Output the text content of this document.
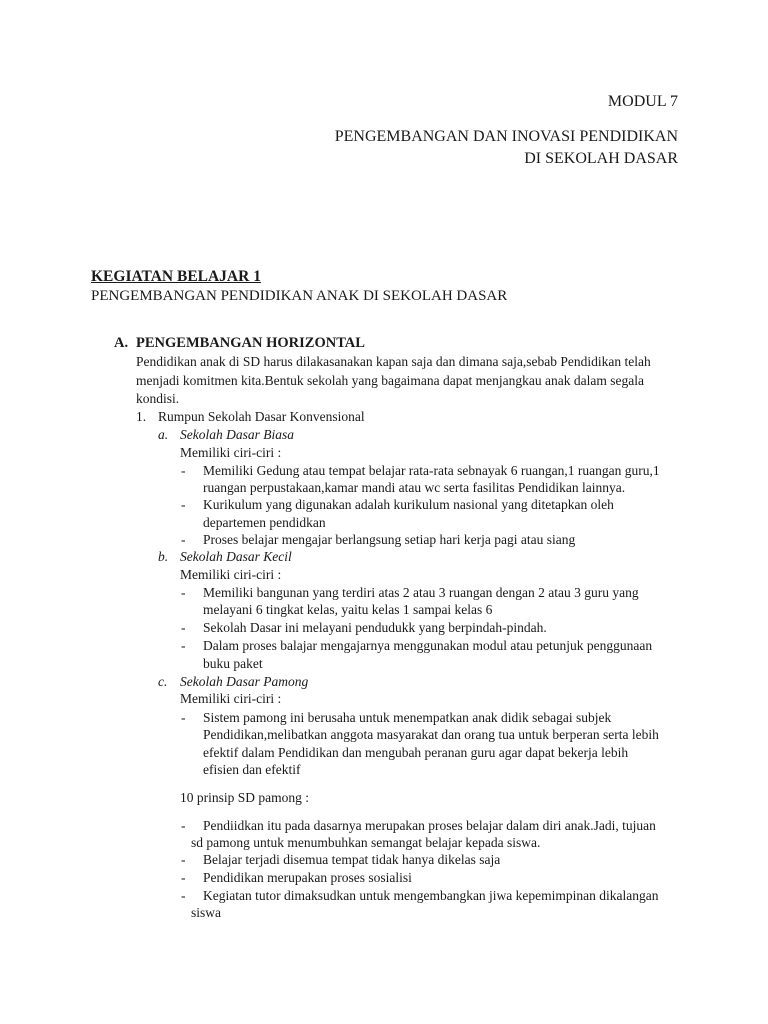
MODUL 7
PENGEMBANGAN DAN INOVASI PENDIDIKAN
DI SEKOLAH DASAR
KEGIATAN BELAJAR 1
PENGEMBANGAN PENDIDIKAN ANAK DI SEKOLAH DASAR
A. PENGEMBANGAN HORIZONTAL
Pendidikan anak di SD harus dilakasanakan kapan saja dan dimana saja,sebab Pendidikan telah
menjadi komitmen kita.Bentuk sekolah yang bagaimana dapat menjangkau anak dalam segala
kondisi.
1. Rumpun Sekolah Dasar Konvensional
a. Sekolah Dasar Biasa
Memiliki ciri-ciri :
- Memiliki Gedung atau tempat belajar rata-rata sebnayak 6 ruangan,1 ruangan guru,1
ruangan perpustakaan,kamar mandi atau wc serta fasilitas Pendidikan lainnya.
- Kurikulum yang digunakan adalah kurikulum nasional yang ditetapkan oleh
departemen pendidkan
- Proses belajar mengajar berlangsung setiap hari kerja pagi atau siang
b. Sekolah Dasar Kecil
Memiliki ciri-ciri :
- Memiliki bangunan yang terdiri atas 2 atau 3 ruangan dengan 2 atau 3 guru yang
melayani 6 tingkat kelas, yaitu kelas 1 sampai kelas 6
- Sekolah Dasar ini melayani pendudukk yang berpindah-pindah.
- Dalam proses balajar mengajarnya menggunakan modul atau petunjuk penggunaan
buku paket
c. Sekolah Dasar Pamong
Memiliki ciri-ciri :
- Sistem pamong ini berusaha untuk menempatkan anak didik sebagai subjek
Pendidikan,melibatkan anggota masyarakat dan orang tua untuk berperan serta lebih
efektif dalam Pendidikan dan mengubah peranan guru agar dapat bekerja lebih
efisien dan efektif
10 prinsip SD pamong :
- Pendiidkan itu pada dasarnya merupakan proses belajar dalam diri anak.Jadi, tujuan
sd pamong untuk menumbuhkan semangat belajar kepada siswa.
- Belajar terjadi disemua tempat tidak hanya dikelas saja
- Pendidikan merupakan proses sosialisi
- Kegiatan tutor dimaksudkan untuk mengembangkan jiwa kepemimpinan dikalangan
siswa
